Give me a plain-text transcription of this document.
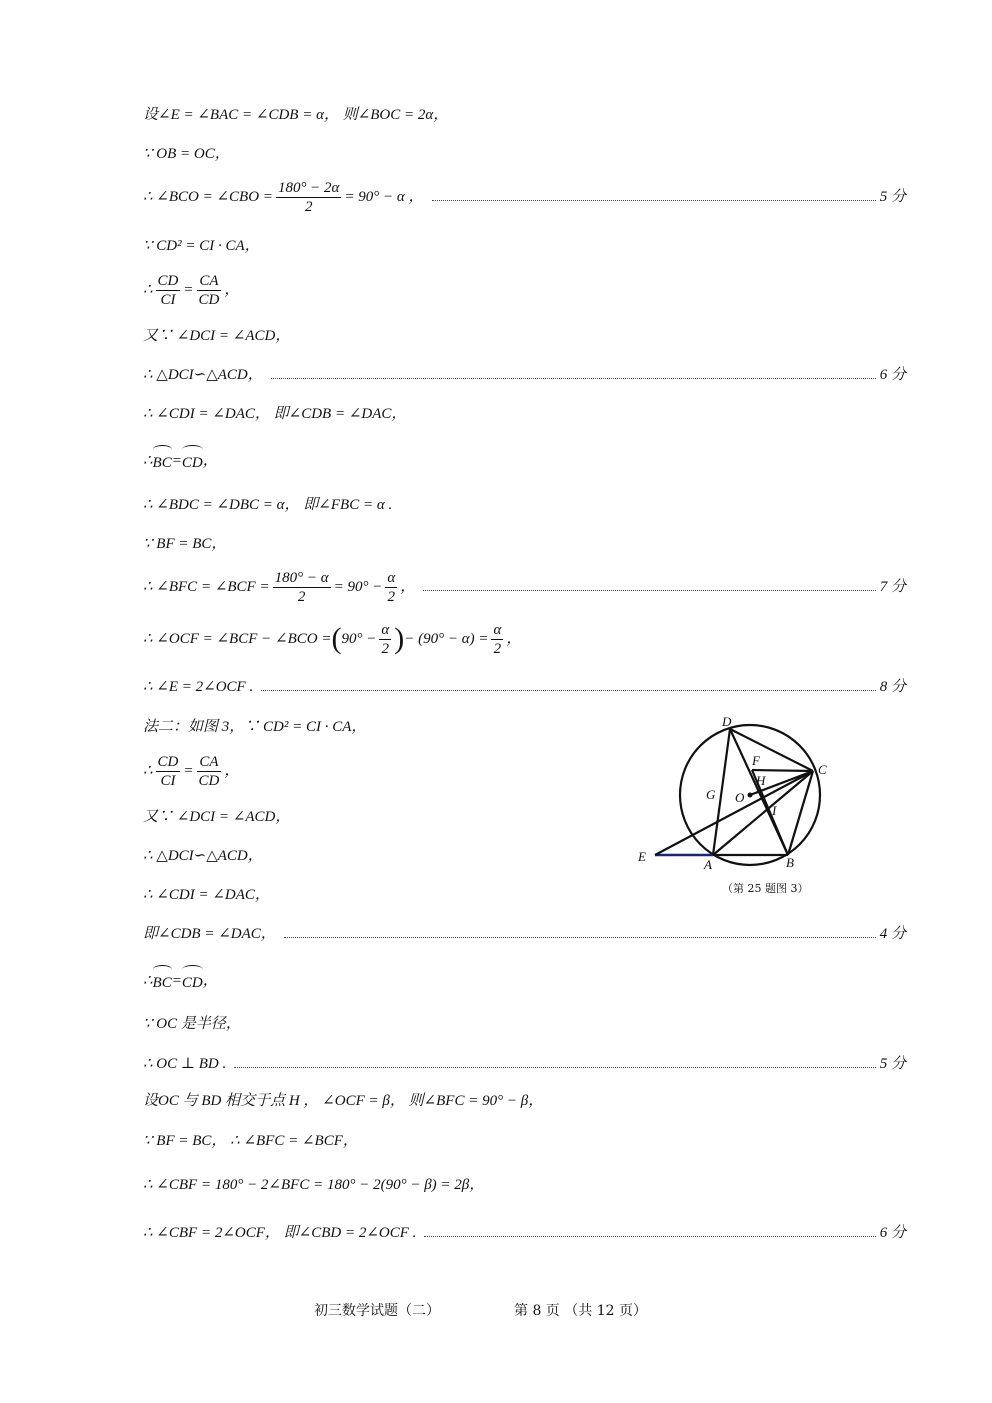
设∠E = ∠BAC = ∠CDB = α， 则∠BOC = 2α，
∵ OB = OC，
∴ ∠BCO = ∠CBO = $\frac{180^\circ - 2\alpha}{2} = 90^\circ - \alpha$ ，	5 分
∵ CD² = CI · CA，
∴ $\frac{CD}{CI} = \frac{CA}{CD}$ ，
又∵ ∠DCI = ∠ACD，
∴ △DCI∽△ACD，	6 分
∴ ∠CDI = ∠DAC， 即∠CDB = ∠DAC，
∴ BC = CD ，
∴ ∠BDC = ∠DBC = α， 即∠FBC = α .
∵ BF = BC，
∴ ∠BFC = ∠BCF = $\frac{180^\circ - \alpha}{2} = 90^\circ - \frac{\alpha}{2}$ ，	7 分
∴ ∠OCF = ∠BCF − ∠BCO = ( $90^\circ - \frac{\alpha}{2}$ ) − $(90^\circ - \alpha) = \frac{\alpha}{2}$ ，
∴ ∠E = 2∠OCF .	8 分
法二：如图 3，∵ CD² = CI · CA，
∴ $\frac{CD}{CI} = \frac{CA}{CD}$ ，
又∵ ∠DCI = ∠ACD，
∴ △DCI∽△ACD，
∴ ∠CDI = ∠DAC，
即∠CDB = ∠DAC，	4 分
∴ BC = CD ，
∵ OC 是半径，
∴ OC ⊥ BD .	5 分
设OC 与 BD 相交于点 H ， ∠OCF = β， 则∠BFC = 90° − β，
∵ BF = BC， ∴ ∠BFC = ∠BCF，
∴ ∠CBF = 180° − 2∠BFC = 180° − 2(90° − β) = 2β，
∴ ∠CBF = 2∠OCF， 即∠CBD = 2∠OCF .	6 分
D
C
F
H
G O
I
E
A	B
（第 25 题图 3）
初三数学试题（二）	第 8 页 （共 12 页）
